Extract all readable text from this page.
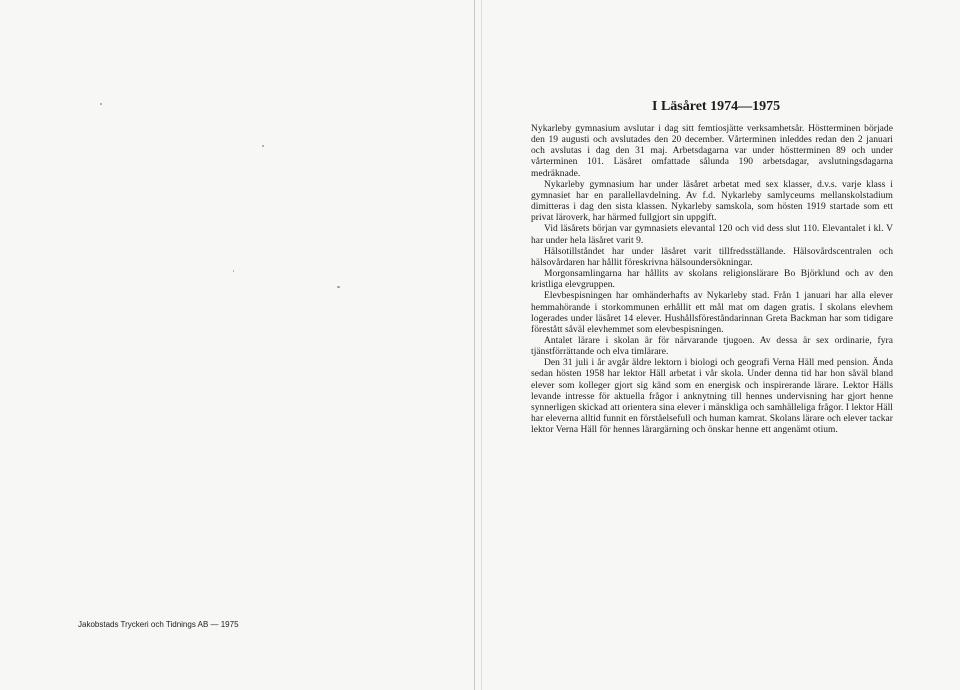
Jakobstads Tryckeri och Tidnings AB — 1975
I Läsåret 1974—1975

Nykarleby gymnasium avslutar i dag sitt femtiosjätte verksamhetsår. Höstterminen började den 19 augusti och avslutades den 20 december. Vårterminen inleddes redan den 2 januari och avslutas i dag den 31 maj. Arbetsdagarna var under höstterminen 89 och under vårterminen 101. Läsåret omfattade sålunda 190 arbetsdagar, avslutningsdagarna medräknade.

Nykarleby gymnasium har under läsåret arbetat med sex klasser, d.v.s. varje klass i gymnasiet har en parallellavdelning. Av f.d. Nykarleby samlyceums mellanskolstadium dimitteras i dag den sista klassen. Nykarleby samskola, som hösten 1919 startade som ett privat läroverk, har härmed fullgjort sin uppgift.

Vid läsårets början var gymnasiets elevantal 120 och vid dess slut 110. Elevantalet i kl. V har under hela läsåret varit 9.

Hälsotillståndet har under läsåret varit tillfredsställande. Hälsovårdscentralen och hälsovårdaren har hållit föreskrivna hälsoundersökningar.

Morgonsamlingarna har hållits av skolans religionslärare Bo Björklund och av den kristliga elevgruppen.

Elevbespisningen har omhänderhafts av Nykarleby stad. Från 1 januari har alla elever hemmahörande i storkommunen erhållit ett mål mat om dagen gratis. I skolans elevhem logerades under läsåret 14 elever. Hushållsföreståndarinnan Greta Backman har som tidigare förestått såväl elevhemmet som elevbespisningen.

Antalet lärare i skolan är för närvarande tjugoen. Av dessa är sex ordinarie, fyra tjänstförrättande och elva timlärare.

Den 31 juli i år avgår äldre lektorn i biologi och geografi Verna Häll med pension. Ända sedan hösten 1958 har lektor Häll arbetat i vår skola. Under denna tid har hon såväl bland elever som kolleger gjort sig känd som en energisk och inspirerande lärare. Lektor Hälls levande intresse för aktuella frågor i anknytning till hennes undervisning har gjort henne synnerligen skickad att orientera sina elever i mänskliga och samhälleliga frågor. I lektor Häll har eleverna alltid funnit en förståelsefull och human kamrat. Skolans lärare och elever tackar lektor Verna Häll för hennes lärargärning och önskar henne ett angenämt otium.
